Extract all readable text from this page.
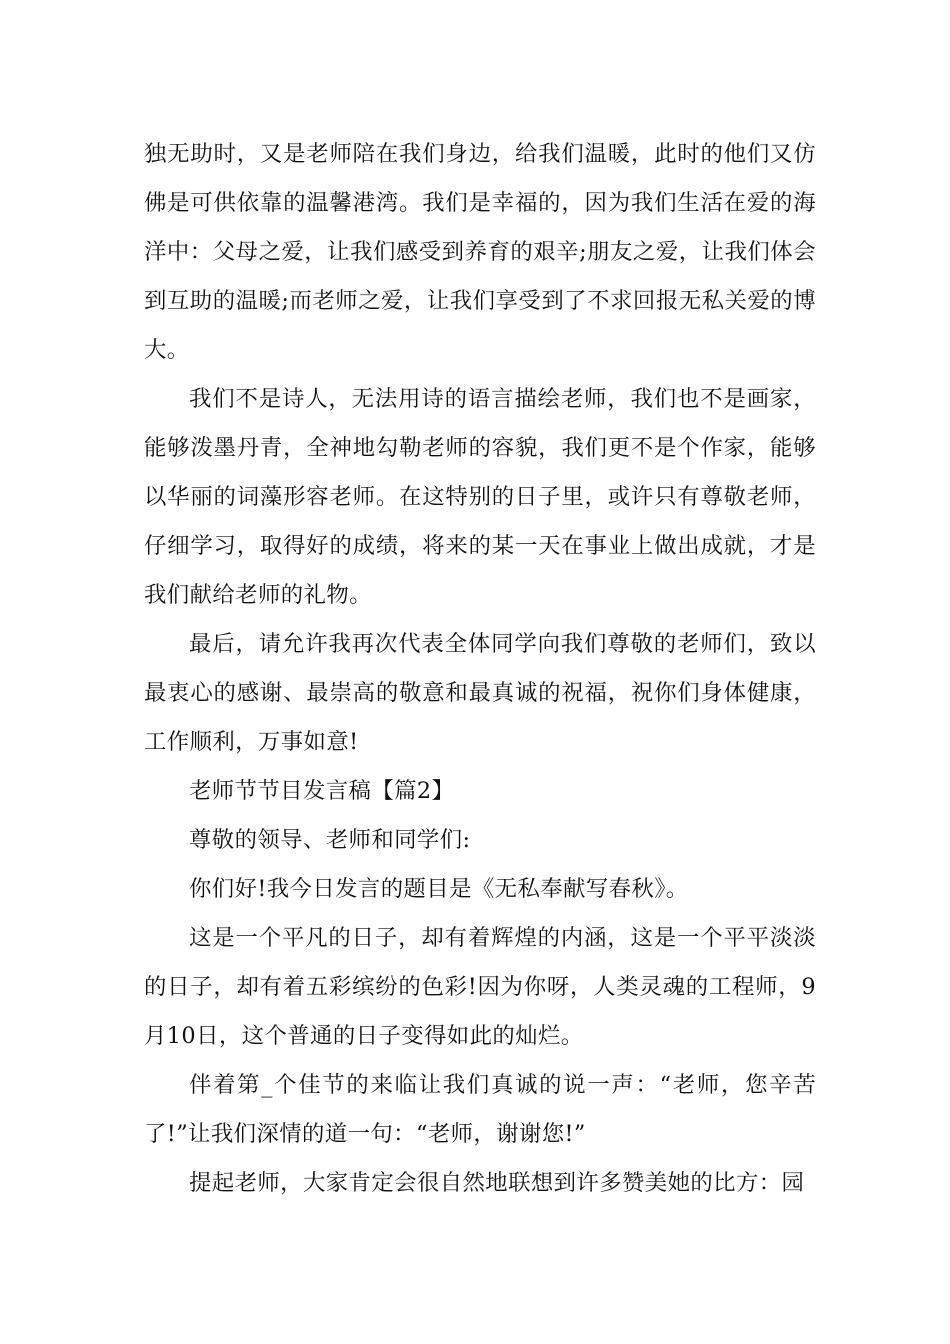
独无助时，又是老师陪在我们身边，给我们温暖，此时的他们又仿佛是可供依靠的温馨港湾。我们是幸福的，因为我们生活在爱的海洋中：父母之爱，让我们感受到养育的艰辛;朋友之爱，让我们体会到互助的温暖;而老师之爱，让我们享受到了不求回报无私关爱的博大。

我们不是诗人，无法用诗的语言描绘老师，我们也不是画家，能够泼墨丹青，全神地勾勒老师的容貌，我们更不是个作家，能够以华丽的词藻形容老师。在这特别的日子里，或许只有尊敬老师，仔细学习，取得好的成绩，将来的某一天在事业上做出成就，才是我们献给老师的礼物。

最后，请允许我再次代表全体同学向我们尊敬的老师们，致以最衷心的感谢、最崇高的敬意和最真诚的祝福，祝你们身体健康，工作顺利，万事如意!

老师节节目发言稿【篇2】

尊敬的领导、老师和同学们:

你们好!我今日发言的题目是《无私奉献写春秋》。

这是一个平凡的日子，却有着辉煌的内涵，这是一个平平淡淡的日子，却有着五彩缤纷的色彩!因为你呀，人类灵魂的工程师，9月10日，这个普通的日子变得如此的灿烂。

伴着第_个佳节的来临让我们真诚的说一声：“老师，您辛苦了!”让我们深情的道一句：“老师，谢谢您!”

提起老师，大家肯定会很自然地联想到许多赞美她的比方：园
